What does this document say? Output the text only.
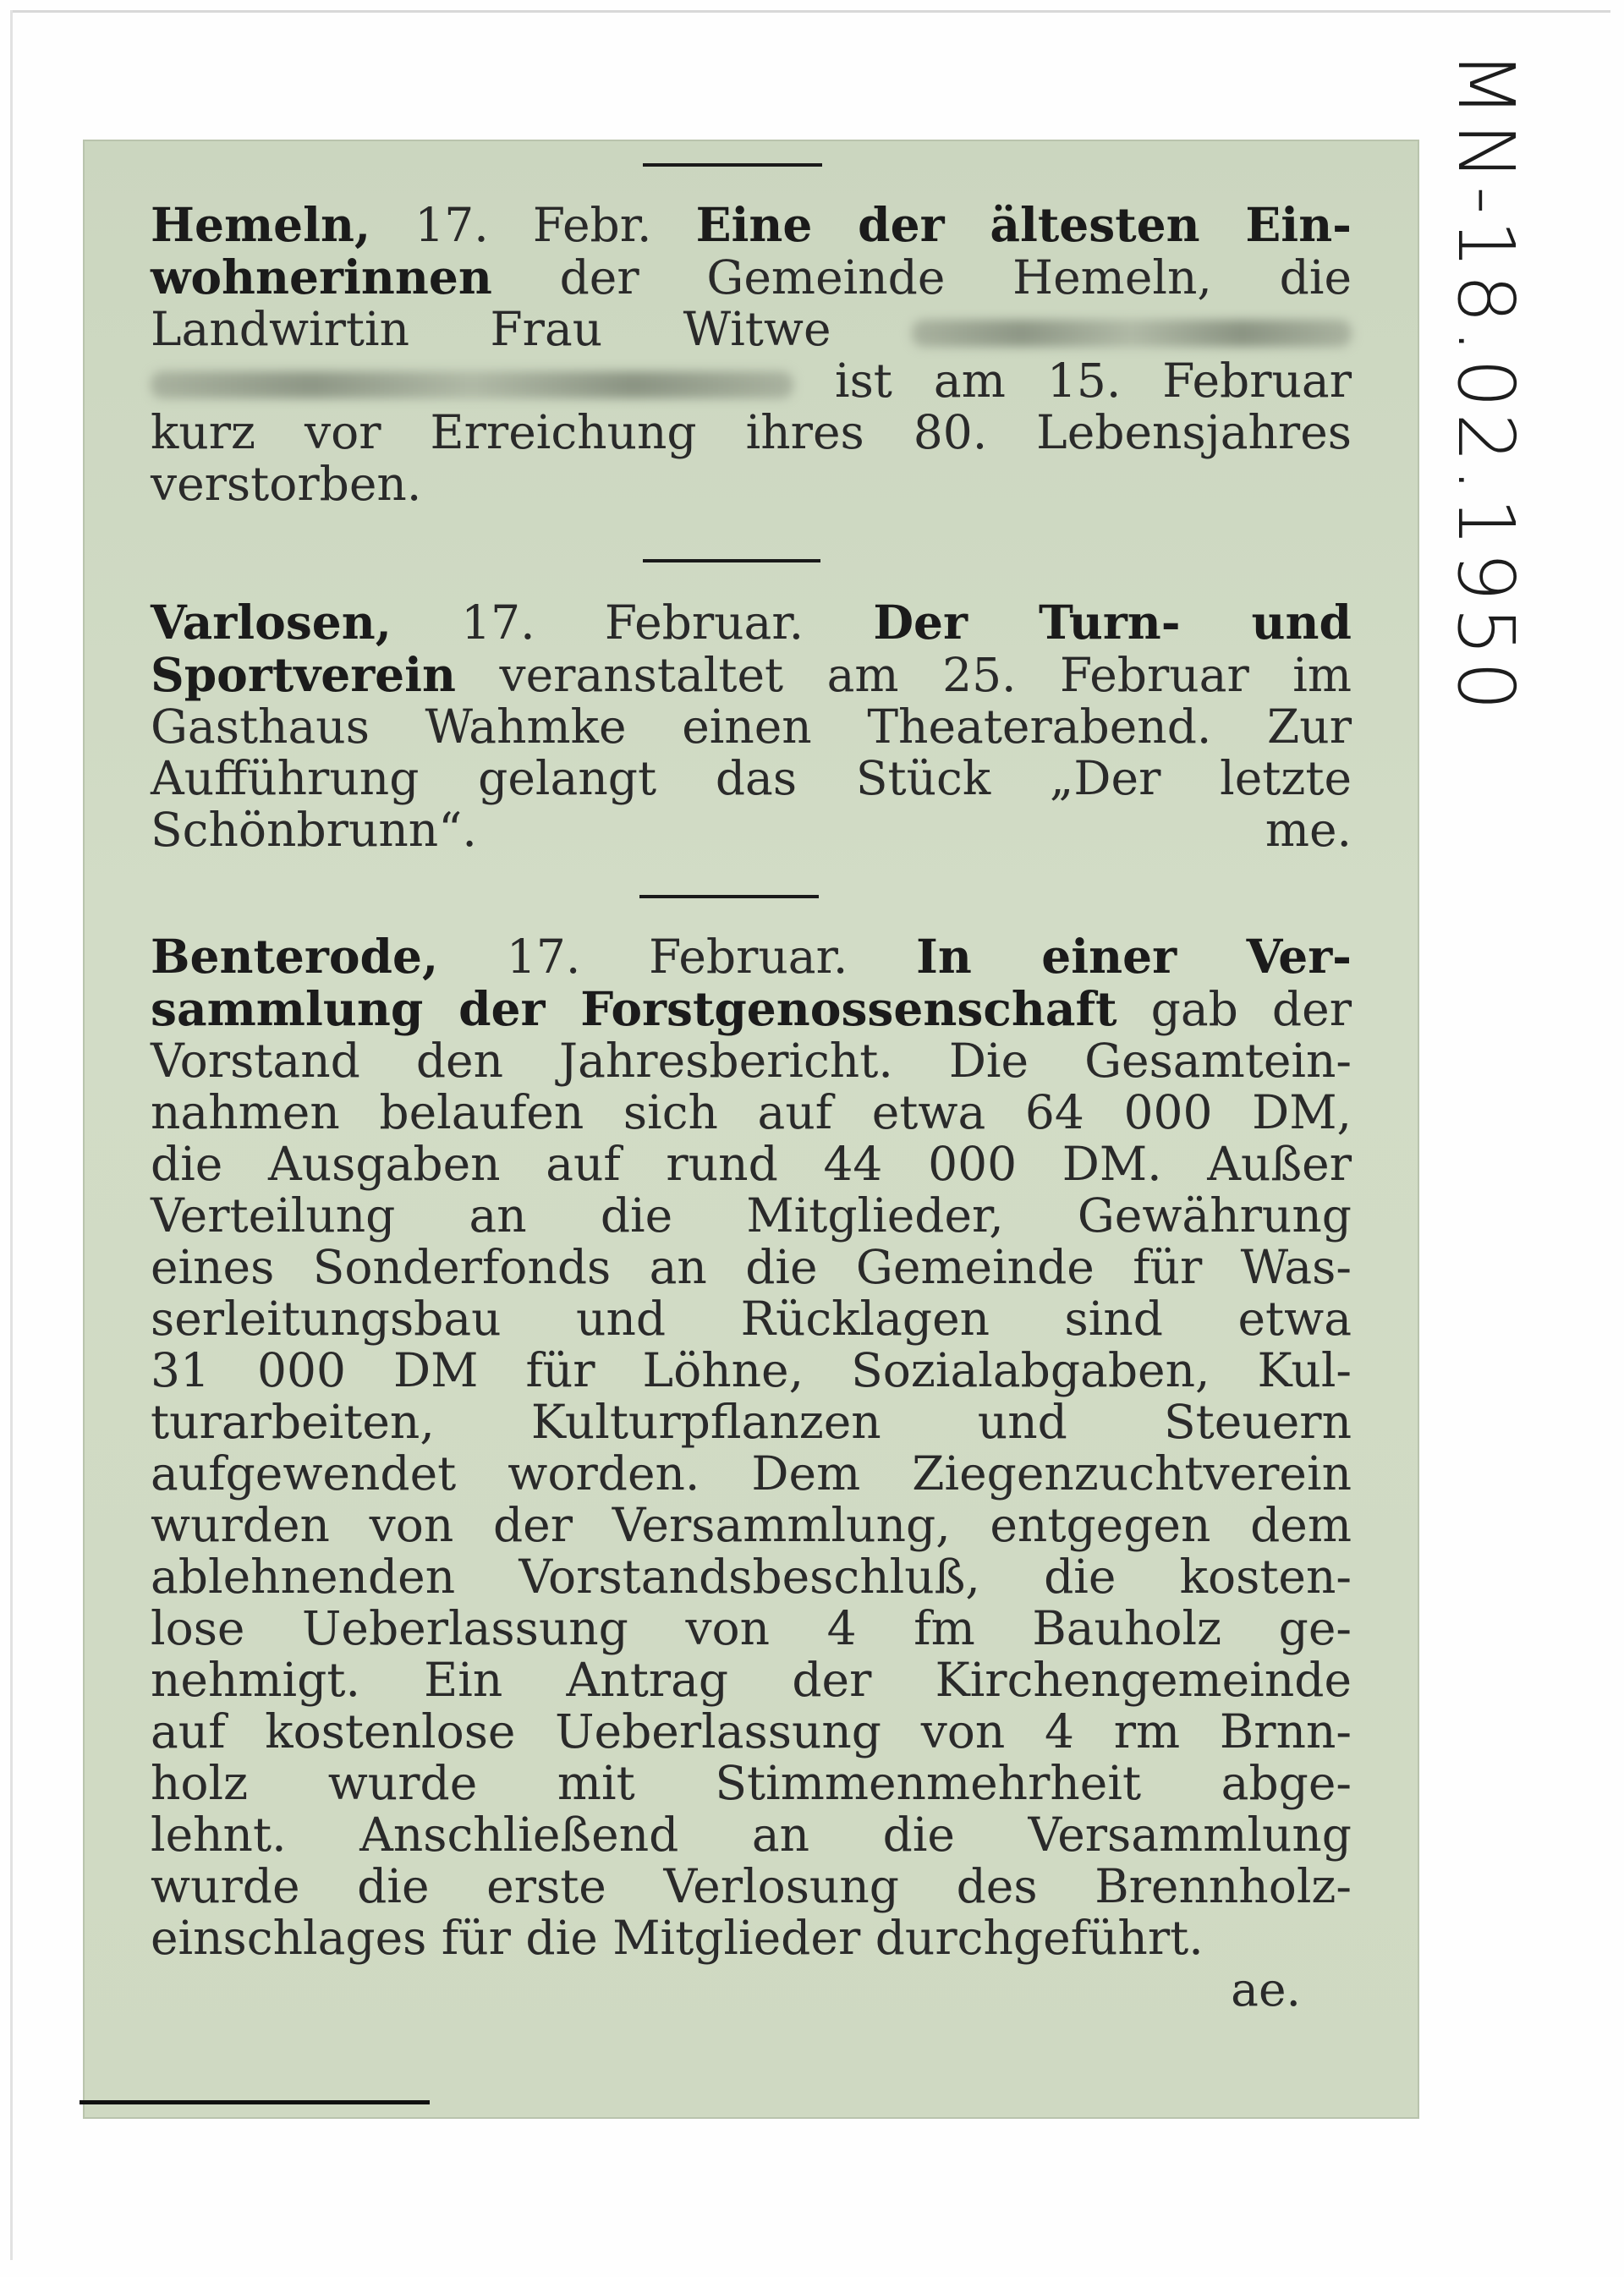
Hemeln, 17. Febr. Eine der ältesten Ein-
wohnerinnen der Gemeinde Hemeln, die
Landwirtin Frau Witwe
ist am 15. Februar
kurz vor Erreichung ihres 80. Lebensjahres
verstorben.
Varlosen, 17. Februar. Der Turn- und
Sportverein veranstaltet am 25. Februar im
Gasthaus Wahmke einen Theaterabend. Zur
Aufführung gelangt das Stück „Der letzte
Schönbrunn“.	me.
Benterode, 17. Februar. In einer Ver-
sammlung der Forstgenossenschaft gab der
Vorstand den Jahresbericht. Die Gesamtein-
nahmen belaufen sich auf etwa 64 000 DM,
die Ausgaben auf rund 44 000 DM. Außer
Verteilung an die Mitglieder, Gewährung
eines Sonderfonds an die Gemeinde für Was-
serleitungsbau und Rücklagen sind etwa
31 000 DM für Löhne, Sozialabgaben, Kul-
turarbeiten, Kulturpflanzen und Steuern
aufgewendet worden. Dem Ziegenzuchtverein
wurden von der Versammlung, entgegen dem
ablehnenden Vorstandsbeschluß, die kosten-
lose Ueberlassung von 4 fm Bauholz ge-
nehmigt. Ein Antrag der Kirchengemeinde
auf kostenlose Ueberlassung von 4 rm Brnn-
holz wurde mit Stimmenmehrheit abge-
lehnt. Anschließend an die Versammlung
wurde die erste Verlosung des Brennholz-
einschlages für die Mitglieder durchgeführt.
ae.
MN-18.02.1950
